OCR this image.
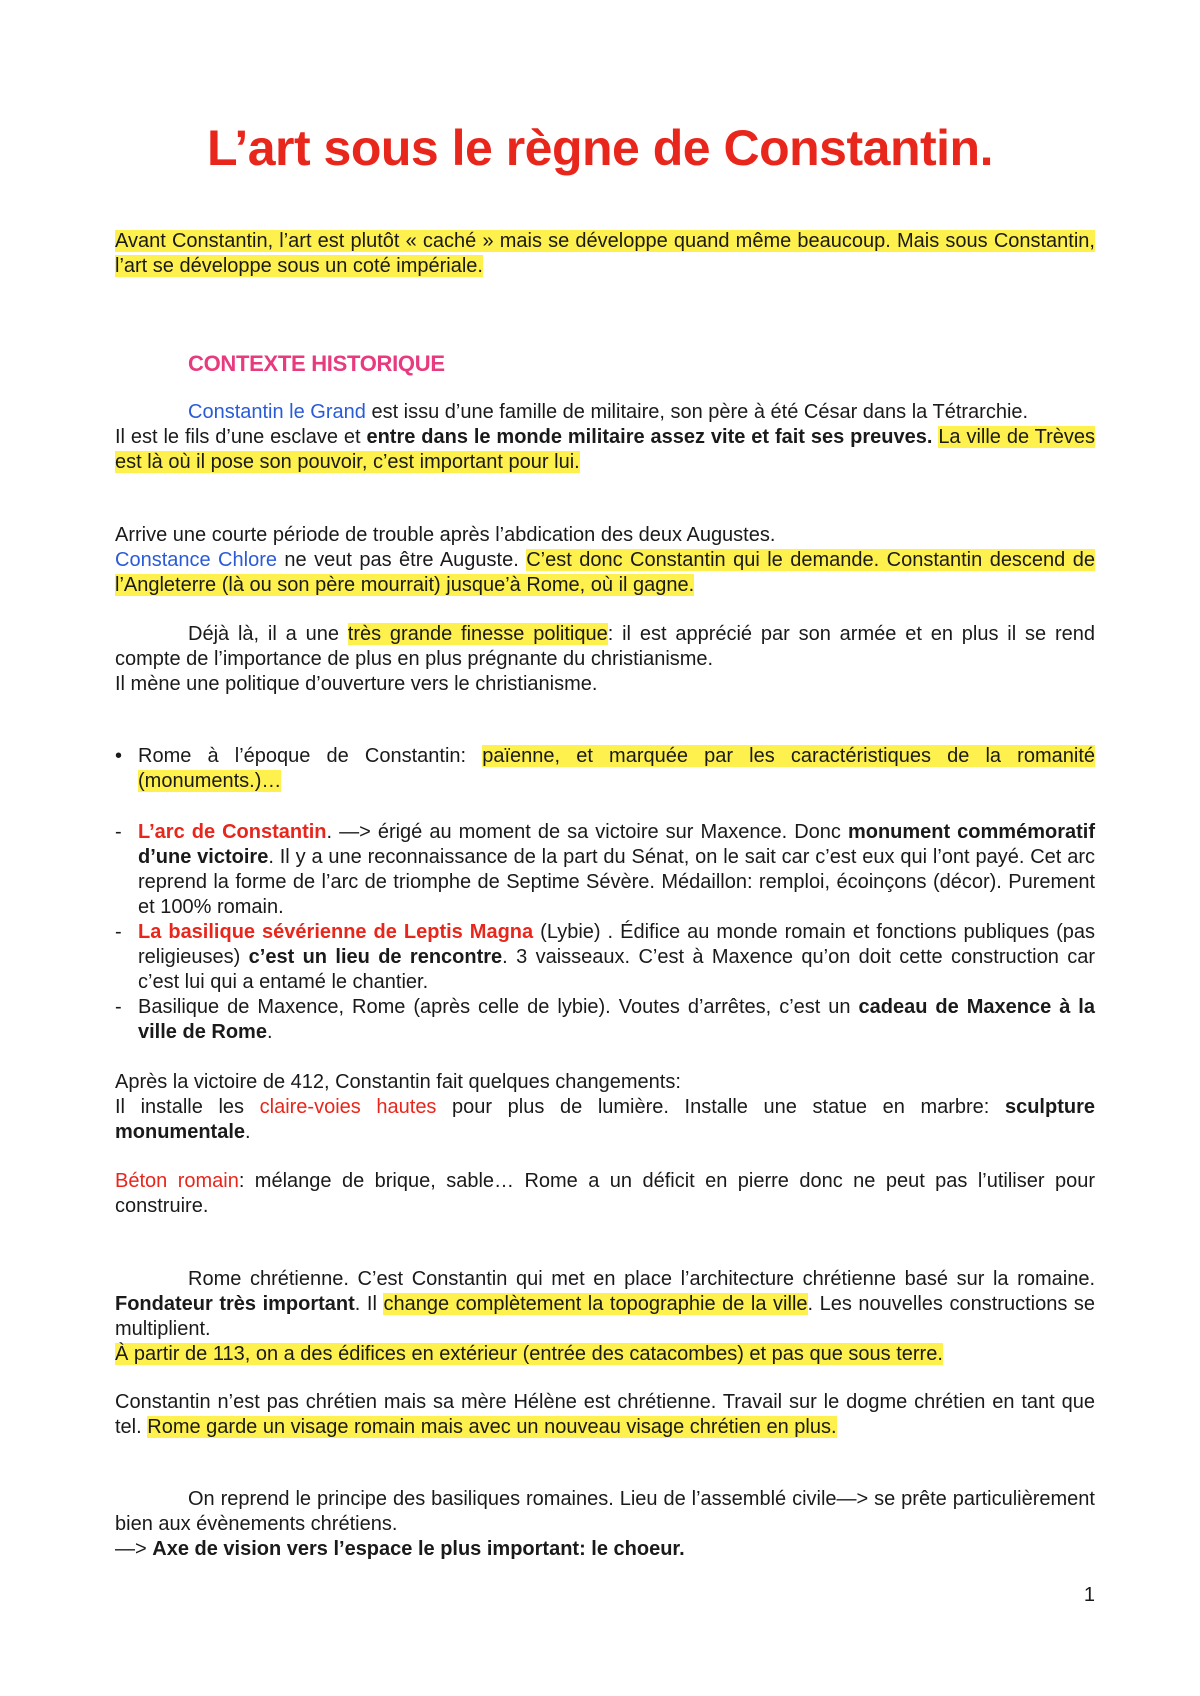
L’art sous le règne de Constantin.

Avant Constantin, l’art est plutôt « caché » mais se développe quand même beaucoup. Mais sous Constantin, l’art se développe sous un coté impériale.

CONTEXTE HISTORIQUE

Constantin le Grand est issu d’une famille de militaire, son père à été César dans la Tétrarchie.

Il est le fils d’une esclave et entre dans le monde militaire assez vite et fait ses preuves. La ville de Trèves est là où il pose son pouvoir, c’est important pour lui.

Arrive une courte période de trouble après l’abdication des deux Augustes.

Constance Chlore ne veut pas être Auguste. C’est donc Constantin qui le demande. Constantin descend de l’Angleterre (là ou son père mourrait) jusque’à Rome, où il gagne.

Déjà là, il a une très grande finesse politique: il est apprécié par son armée et en plus il se rend compte de l’importance de plus en plus prégnante du christianisme.

Il mène une politique d’ouverture vers le christianisme.

• Rome à l’époque de Constantin: païenne, et marquée par les caractéristiques de la romanité (monuments.)…
- L’arc de Constantin. —> érigé au moment de sa victoire sur Maxence. Donc monument commémoratif d’une victoire. Il y a une reconnaissance de la part du Sénat, on le sait car c’est eux qui l’ont payé. Cet arc reprend la forme de l’arc de triomphe de Septime Sévère. Médaillon: remploi, écoinçons (décor). Purement et 100% romain.
- La basilique sévérienne de Leptis Magna (Lybie) . Édifice au monde romain et fonctions publiques (pas religieuses) c’est un lieu de rencontre. 3 vaisseaux. C’est à Maxence qu’on doit cette construction car c’est lui qui a entamé le chantier.
- Basilique de Maxence, Rome (après celle de lybie). Voutes d’arrêtes, c’est un cadeau de Maxence à la ville de Rome.

Après la victoire de 412, Constantin fait quelques changements:

Il installe les claire-voies hautes pour plus de lumière. Installe une statue en marbre: sculpture monumentale.

Béton romain: mélange de brique, sable… Rome a un déficit en pierre donc ne peut pas l’utiliser pour construire.

Rome chrétienne. C’est Constantin qui met en place l’architecture chrétienne basé sur la romaine. Fondateur très important. Il change complètement la topographie de la ville. Les nouvelles constructions se multiplient.

À partir de 113, on a des édifices en extérieur (entrée des catacombes) et pas que sous terre.

Constantin n’est pas chrétien mais sa mère Hélène est chrétienne. Travail sur le dogme chrétien en tant que tel. Rome garde un visage romain mais avec un nouveau visage chrétien en plus.

On reprend le principe des basiliques romaines. Lieu de l’assemblé civile—> se prête particulièrement bien aux évènements chrétiens.

—> Axe de vision vers l’espace le plus important: le choeur.

1
